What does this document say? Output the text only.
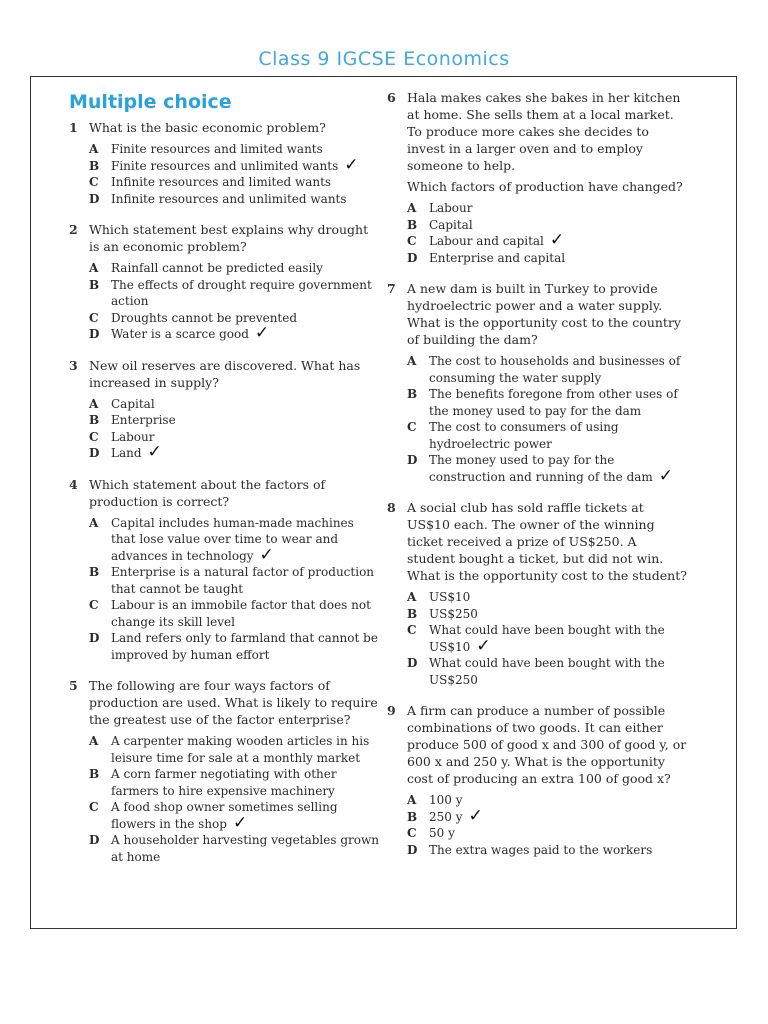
Class 9 IGCSE Economics
Multiple choice
1 What is the basic economic problem?
A	Finite resources and limited wants
B Finite resources and unlimited wants ✓
C	Infinite resources and limited wants
D Infinite resources and unlimited wants
2 Which statement best explains why drought is an economic problem?
A	Rainfall cannot be predicted easily
B The effects of drought require government action
C	Droughts cannot be prevented
D Water is a scarce good ✓
3 New oil reserves are discovered. What has increased in supply?
A	Capital
B Enterprise
C	Labour
D Land ✓
4 Which statement about the factors of production is correct?
A	Capital includes human-made machines that lose value over time to wear and advances in technology ✓
B Enterprise is a natural factor of production that cannot be taught
C	Labour is an immobile factor that does not change its skill level
D Land refers only to farmland that cannot be improved by human effort
5 The following are four ways factors of production are used. What is likely to require the greatest use of the factor enterprise?
A	A carpenter making wooden articles in his leisure time for sale at a monthly market
B A corn farmer negotiating with other farmers to hire expensive machinery
C	A food shop owner sometimes selling flowers in the shop ✓
D A householder harvesting vegetables grown at home
6 Hala makes cakes she bakes in her kitchen at home. She sells them at a local market. To produce more cakes she decides to invest in a larger oven and to employ someone to help.
Which factors of production have changed?
A	Labour
B Capital
C	Labour and capital ✓
D Enterprise and capital
7 A new dam is built in Turkey to provide hydroelectric power and a water supply. What is the opportunity cost to the country of building the dam?
A	The cost to households and businesses of consuming the water supply
B The benefits foregone from other uses of the money used to pay for the dam
C	The cost to consumers of using hydroelectric power
D The money used to pay for the construction and running of the dam ✓
8 A social club has sold raffle tickets at US$10 each. The owner of the winning ticket received a prize of US$250. A student bought a ticket, but did not win. What is the opportunity cost to the student?
A	US$10
B US$250
C	What could have been bought with the US$10 ✓
D What could have been bought with the US$250
9 A firm can produce a number of possible combinations of two goods. It can either produce 500 of good x and 300 of good y, or 600 x and 250 y. What is the opportunity cost of producing an extra 100 of good x?
A	100 y
B 250 y ✓
C	50 y
D The extra wages paid to the workers
